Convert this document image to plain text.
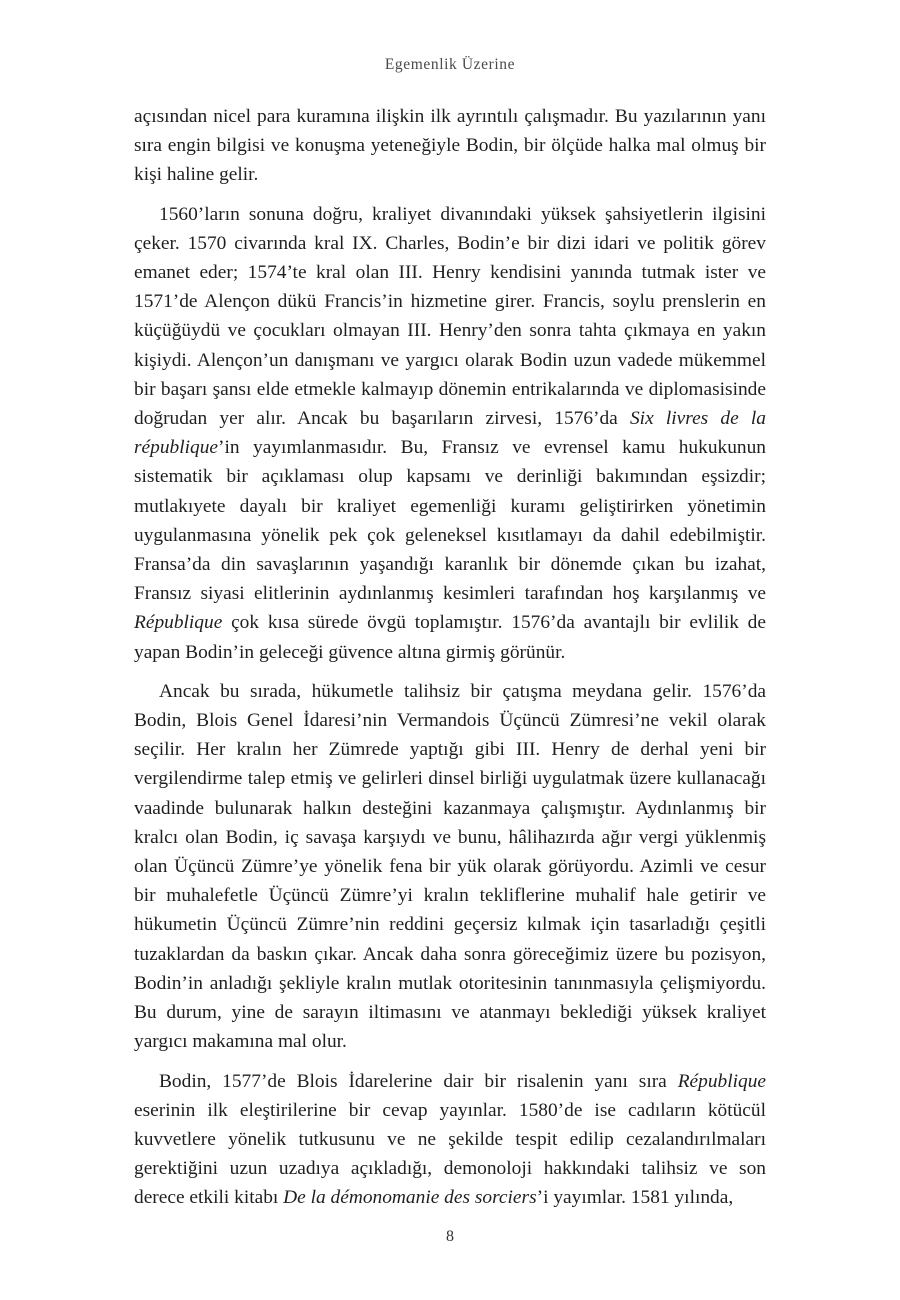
Egemenlik Üzerine

açısından nicel para kuramına ilişkin ilk ayrıntılı çalışmadır. Bu yazılarının yanı sıra engin bilgisi ve konuşma yeteneğiyle Bodin, bir ölçüde halka mal olmuş bir kişi haline gelir.

1560’ların sonuna doğru, kraliyet divanındaki yüksek şahsiyetlerin ilgisini çeker. 1570 civarında kral IX. Charles, Bodin’e bir dizi idari ve politik görev emanet eder; 1574’te kral olan III. Henry kendisini yanında tutmak ister ve 1571’de Alençon dükü Francis’in hizmetine girer. Francis, soylu prenslerin en küçüğüydü ve çocukları olmayan III. Henry’den sonra tahta çıkmaya en yakın kişiydi. Alençon’un danışmanı ve yargıcı olarak Bodin uzun vadede mükemmel bir başarı şansı elde etmekle kalmayıp dönemin entrikalarında ve diplomasisinde doğrudan yer alır. Ancak bu başarıların zirvesi, 1576’da Six livres de la république’in yayımlanmasıdır. Bu, Fransız ve evrensel kamu hukukunun sistematik bir açıklaması olup kapsamı ve derinliği bakımından eşsizdir; mutlakıyete dayalı bir kraliyet egemenliği kuramı geliştirirken yönetimin uygulanmasına yönelik pek çok geleneksel kısıtlamayı da dahil edebilmiştir. Fransa’da din savaşlarının yaşandığı karanlık bir dönemde çıkan bu izahat, Fransız siyasi elitlerinin aydınlanmış kesimleri tarafından hoş karşılanmış ve République çok kısa sürede övgü toplamıştır. 1576’da avantajlı bir evlilik de yapan Bodin’in geleceği güvence altına girmiş görünür.

Ancak bu sırada, hükumetle talihsiz bir çatışma meydana gelir. 1576’da Bodin, Blois Genel İdaresi’nin Vermandois Üçüncü Zümresi’ne vekil olarak seçilir. Her kralın her Zümrede yaptığı gibi III. Henry de derhal yeni bir vergilendirme talep etmiş ve gelirleri dinsel birliği uygulatmak üzere kullanacağı vaadinde bulunarak halkın desteğini kazanmaya çalışmıştır. Aydınlanmış bir kralcı olan Bodin, iç savaşa karşıydı ve bunu, hâlihazırda ağır vergi yüklenmiş olan Üçüncü Zümre’ye yönelik fena bir yük olarak görüyordu. Azimli ve cesur bir muhalefetle Üçüncü Zümre’yi kralın tekliflerine muhalif hale getirir ve hükumetin Üçüncü Zümre’nin reddini geçersiz kılmak için tasarladığı çeşitli tuzaklardan da baskın çıkar. Ancak daha sonra göreceğimiz üzere bu pozisyon, Bodin’in anladığı şekliyle kralın mutlak otoritesinin tanınmasıyla çelişmiyordu. Bu durum, yine de sarayın iltimasını ve atanmayı beklediği yüksek kraliyet yargıcı makamına mal olur.

Bodin, 1577’de Blois İdarelerine dair bir risalenin yanı sıra République eserinin ilk eleştirilerine bir cevap yayınlar. 1580’de ise cadıların kötücül kuvvetlere yönelik tutkusunu ve ne şekilde tespit edilip cezalandırılmaları gerektiğini uzun uzadıya açıkladığı, demonoloji hakkındaki talihsiz ve son derece etkili kitabı De la démonomanie des sorciers’i yayımlar. 1581 yılında,

8
